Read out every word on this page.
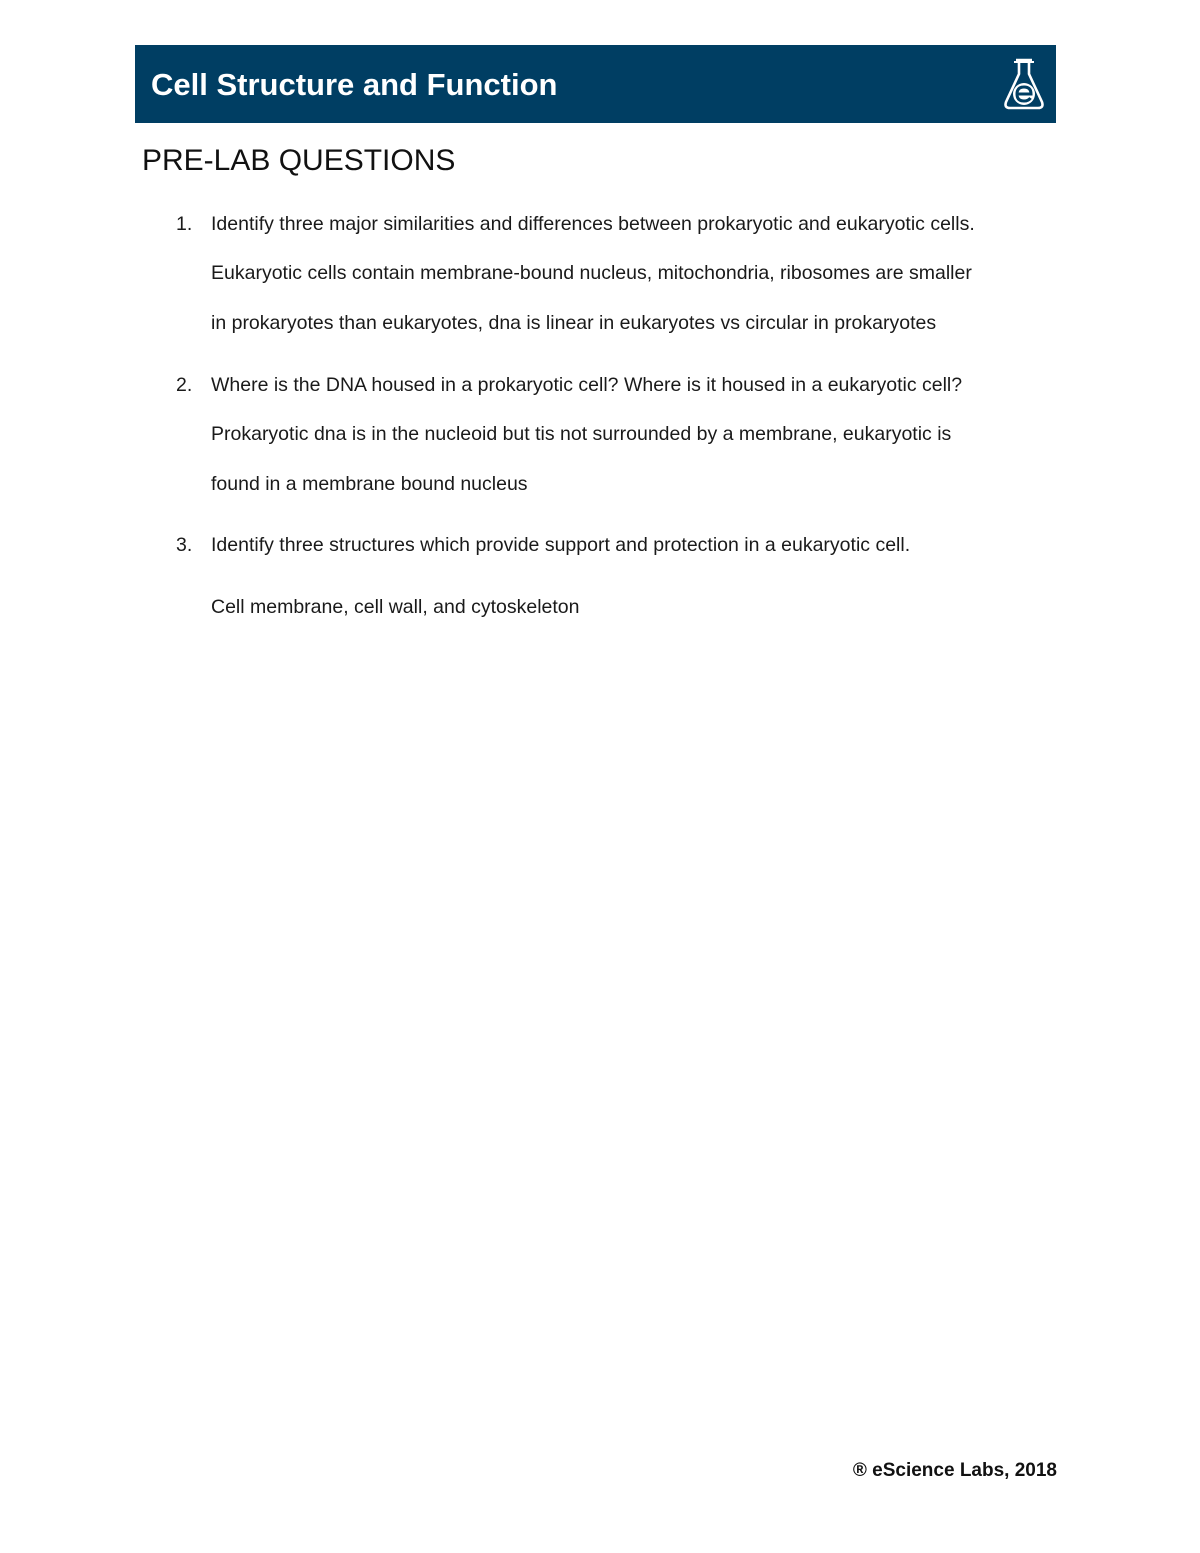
Cell Structure and Function
PRE-LAB QUESTIONS
1. Identify three major similarities and differences between prokaryotic and eukaryotic cells.
Eukaryotic cells contain membrane-bound nucleus, mitochondria, ribosomes are smaller
in prokaryotes than eukaryotes, dna is linear in eukaryotes vs circular in prokaryotes
2. Where is the DNA housed in a prokaryotic cell? Where is it housed in a eukaryotic cell?
Prokaryotic dna is in the nucleoid but tis not surrounded by a membrane, eukaryotic is
found in a membrane bound nucleus
3. Identify three structures which provide support and protection in a eukaryotic cell.
Cell membrane, cell wall, and cytoskeleton
® eScience Labs, 2018
